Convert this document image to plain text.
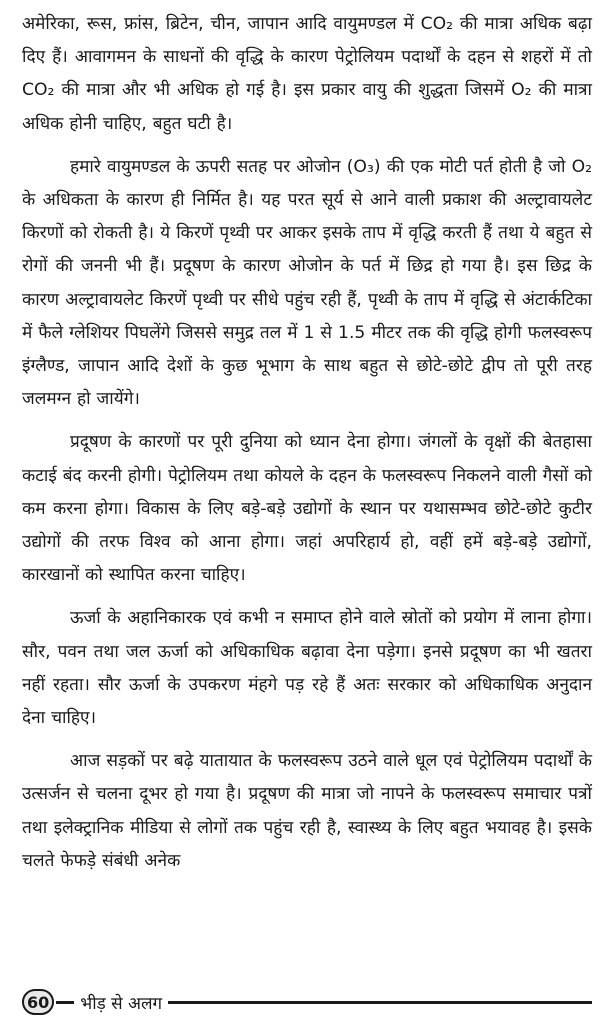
अमेरिका, रूस, फ्रांस, ब्रिटेन, चीन, जापान आदि वायुमण्डल में CO₂ की मात्रा अधिक बढ़ा दिए हैं। आवागमन के साधनों की वृद्धि के कारण पेट्रोलियम पदार्थों के दहन से शहरों में तो CO₂ की मात्रा और भी अधिक हो गई है। इस प्रकार वायु की शुद्धता जिसमें O₂ की मात्रा अधिक होनी चाहिए, बहुत घटी है।

हमारे वायुमण्डल के ऊपरी सतह पर ओजोन (O₃) की एक मोटी पर्त होती है जो O₂ के अधिकता के कारण ही निर्मित है। यह परत सूर्य से आने वाली प्रकाश की अल्ट्रावायलेट किरणों को रोकती है। ये किरणें पृथ्वी पर आकर इसके ताप में वृद्धि करती हैं तथा ये बहुत से रोगों की जननी भी हैं। प्रदूषण के कारण ओजोन के पर्त में छिद्र हो गया है। इस छिद्र के कारण अल्ट्रावायलेट किरणें पृथ्वी पर सीधे पहुंच रही हैं, पृथ्वी के ताप में वृद्धि से अंटार्कटिका में फैले ग्लेशियर पिघलेंगे जिससे समुद्र तल में 1 से 1.5 मीटर तक की वृद्धि होगी फलस्वरूप इंग्लैण्ड, जापान आदि देशों के कुछ भूभाग के साथ बहुत से छोटे-छोटे द्वीप तो पूरी तरह जलमग्न हो जायेंगे।

प्रदूषण के कारणों पर पूरी दुनिया को ध्यान देना होगा। जंगलों के वृक्षों की बेतहासा कटाई बंद करनी होगी। पेट्रोलियम तथा कोयले के दहन के फलस्वरूप निकलने वाली गैसों को कम करना होगा। विकास के लिए बड़े-बड़े उद्योगों के स्थान पर यथासम्भव छोटे-छोटे कुटीर उद्योगों की तरफ विश्व को आना होगा। जहां अपरिहार्य हो, वहीं हमें बड़े-बड़े उद्योगों, कारखानों को स्थापित करना चाहिए।

ऊर्जा के अहानिकारक एवं कभी न समाप्त होने वाले स्रोतों को प्रयोग में लाना होगा। सौर, पवन तथा जल ऊर्जा को अधिकाधिक बढ़ावा देना पड़ेगा। इनसे प्रदूषण का भी खतरा नहीं रहता। सौर ऊर्जा के उपकरण मंहगे पड़ रहे हैं अतः सरकार को अधिकाधिक अनुदान देना चाहिए।

आज सड़कों पर बढ़े यातायात के फलस्वरूप उठने वाले धूल एवं पेट्रोलियम पदार्थों के उत्सर्जन से चलना दूभर हो गया है। प्रदूषण की मात्रा जो नापने के फलस्वरूप समाचार पत्रों तथा इलेक्ट्रानिक मीडिया से लोगों तक पहुंच रही है, स्वास्थ्य के लिए बहुत भयावह है। इसके चलते फेफड़े संबंधी अनेक

60 भीड़ से अलग
